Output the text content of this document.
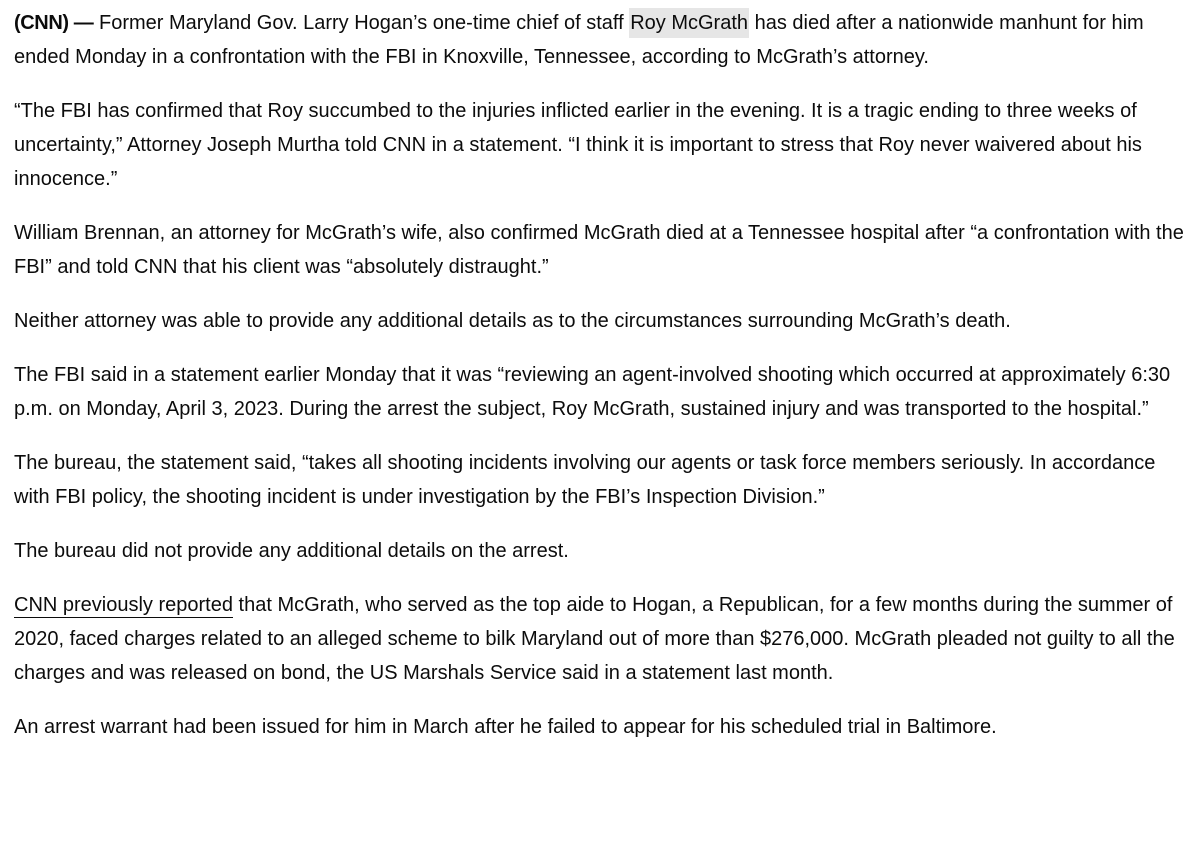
(CNN) — Former Maryland Gov. Larry Hogan’s one-time chief of staff Roy McGrath has died after a nationwide manhunt for him ended Monday in a confrontation with the FBI in Knoxville, Tennessee, according to McGrath’s attorney.

“The FBI has confirmed that Roy succumbed to the injuries inflicted earlier in the evening. It is a tragic ending to three weeks of uncertainty,” Attorney Joseph Murtha told CNN in a statement. “I think it is important to stress that Roy never waivered about his innocence.”

William Brennan, an attorney for McGrath’s wife, also confirmed McGrath died at a Tennessee hospital after “a confrontation with the FBI” and told CNN that his client was “absolutely distraught.”

Neither attorney was able to provide any additional details as to the circumstances surrounding McGrath’s death.

The FBI said in a statement earlier Monday that it was “reviewing an agent-involved shooting which occurred at approximately 6:30 p.m. on Monday, April 3, 2023. During the arrest the subject, Roy McGrath, sustained injury and was transported to the hospital.”

The bureau, the statement said, “takes all shooting incidents involving our agents or task force members seriously. In accordance with FBI policy, the shooting incident is under investigation by the FBI’s Inspection Division.”

The bureau did not provide any additional details on the arrest.

CNN previously reported that McGrath, who served as the top aide to Hogan, a Republican, for a few months during the summer of 2020, faced charges related to an alleged scheme to bilk Maryland out of more than $276,000. McGrath pleaded not guilty to all the charges and was released on bond, the US Marshals Service said in a statement last month.

An arrest warrant had been issued for him in March after he failed to appear for his scheduled trial in Baltimore.
